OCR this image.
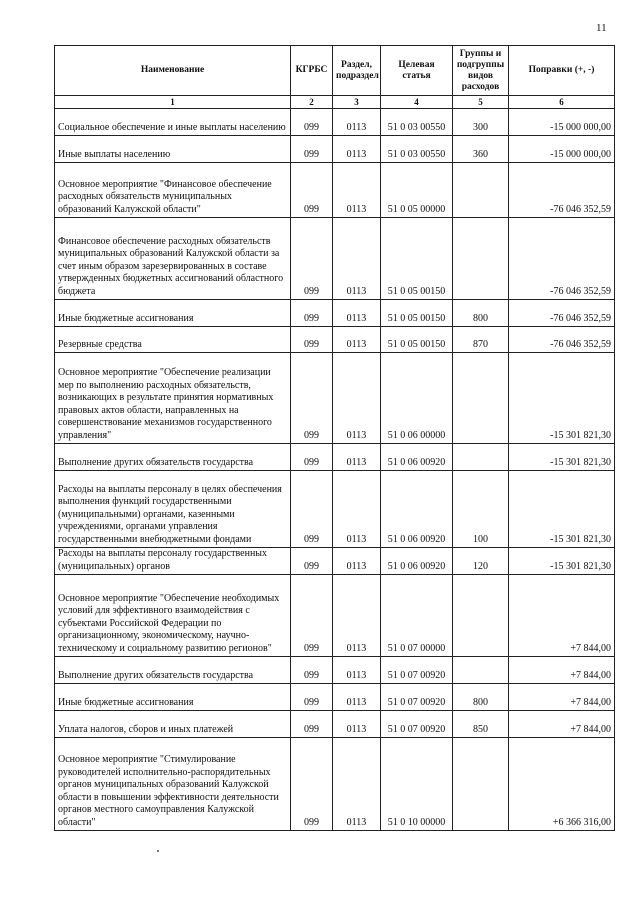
11
Наименование	КГРБС	Раздел, подраздел	Целевая статья	Группы и подгруппы видов расходов	Поправки (+, -)
1	2	3	4	5	6
Социальное обеспечение и иные выплаты населению	099	0113	51 0 03 00550	300	-15 000 000,00
Иные выплаты населению	099	0113	51 0 03 00550	360	-15 000 000,00
Основное мероприятие "Финансовое обеспечение расходных обязательств муниципальных образований Калужской области"	099	0113	51 0 05 00000		-76 046 352,59
Финансовое обеспечение расходных обязательств муниципальных образований Калужской области за счет иным образом зарезервированных в составе утвержденных бюджетных ассигнований областного бюджета	099	0113	51 0 05 00150		-76 046 352,59
Иные бюджетные ассигнования	099	0113	51 0 05 00150	800	-76 046 352,59
Резервные средства	099	0113	51 0 05 00150	870	-76 046 352,59
Основное мероприятие "Обеспечение реализации мер по выполнению расходных обязательств, возникающих в результате принятия нормативных правовых актов области, направленных на совершенствование механизмов государственного управления"	099	0113	51 0 06 00000		-15 301 821,30
Выполнение других обязательств государства	099	0113	51 0 06 00920		-15 301 821,30
Расходы на выплаты персоналу в целях обеспечения выполнения функций государственными (муниципальными) органами, казенными учреждениями, органами управления государственными внебюджетными фондами	099	0113	51 0 06 00920	100	-15 301 821,30
Расходы на выплаты персоналу государственных (муниципальных) органов	099	0113	51 0 06 00920	120	-15 301 821,30
Основное мероприятие "Обеспечение необходимых условий для эффективного взаимодействия с субъектами Российской Федерации по организационному, экономическому, научно-техническому и социальному развитию регионов"	099	0113	51 0 07 00000		+7 844,00
Выполнение других обязательств государства	099	0113	51 0 07 00920		+7 844,00
Иные бюджетные ассигнования	099	0113	51 0 07 00920	800	+7 844,00
Уплата налогов, сборов и иных платежей	099	0113	51 0 07 00920	850	+7 844,00
Основное мероприятие "Стимулирование руководителей исполнительно-распорядительных органов муниципальных образований Калужской области в повышении эффективности деятельности органов местного самоуправления Калужской области"	099	0113	51 0 10 00000		+6 366 316,00
